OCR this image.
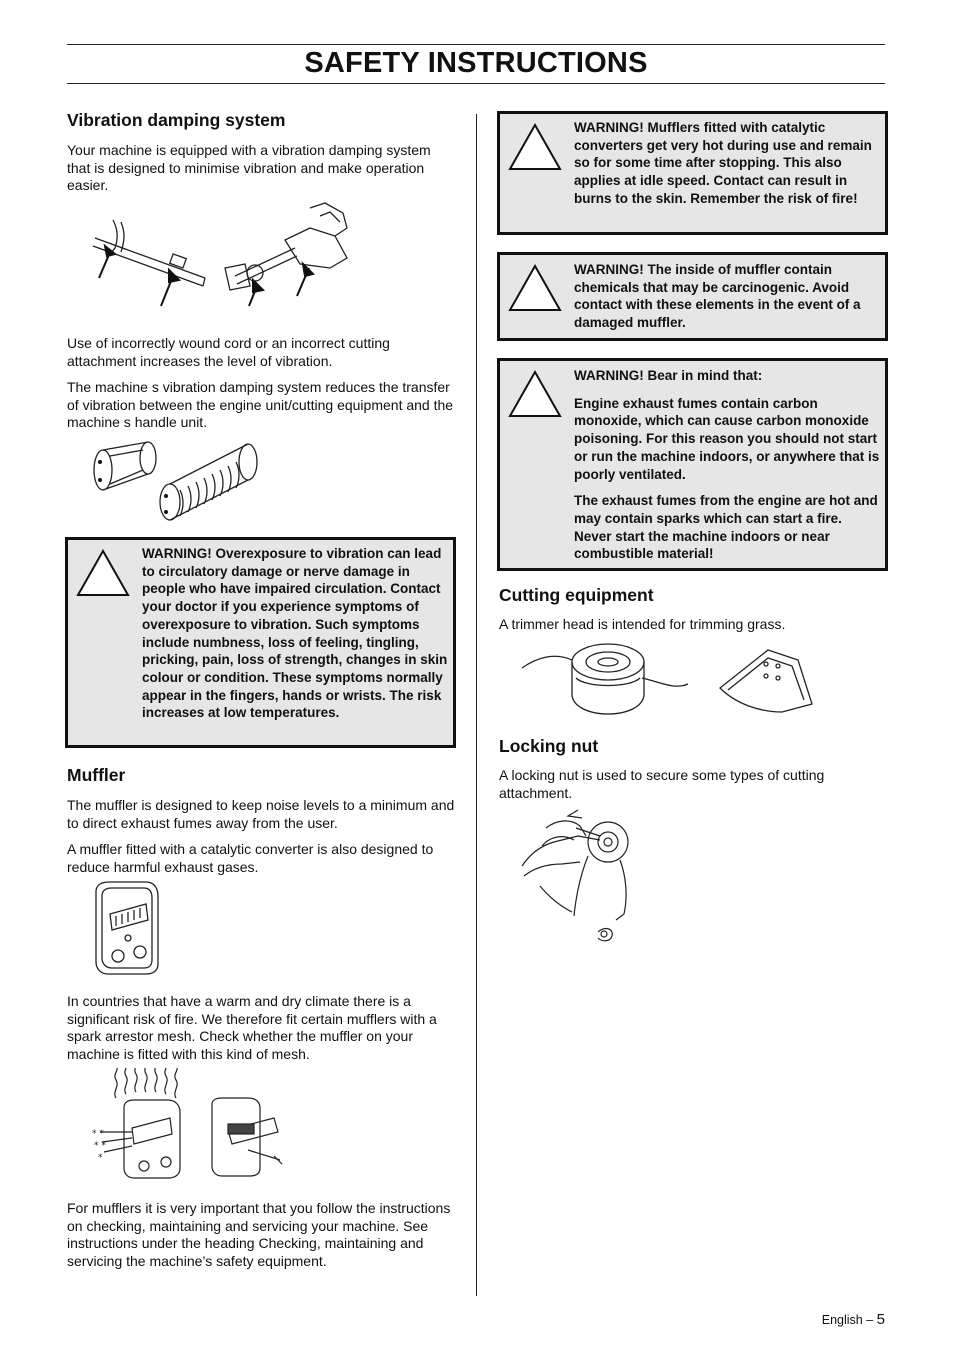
SAFETY INSTRUCTIONS
Vibration damping system

Your machine is equipped with a vibration damping system that is designed to minimise vibration and make operation easier.

Use of incorrectly wound cord or an incorrect cutting attachment increases the level of vibration.

The machine s vibration damping system reduces the transfer of vibration between the engine unit/cutting equipment and the machine s handle unit.

WARNING! Overexposure to vibration can lead to circulatory damage or nerve damage in people who have impaired circulation. Contact your doctor if you experience symptoms of overexposure to vibration. Such symptoms include numbness, loss of feeling, tingling, pricking, pain, loss of strength, changes in skin colour or condition. These symptoms normally appear in the fingers, hands or wrists. The risk increases at low temperatures.
Muffler

The muffler is designed to keep noise levels to a minimum and to direct exhaust fumes away from the user.

A muffler fitted with a catalytic converter is also designed to reduce harmful exhaust gases.

In countries that have a warm and dry climate there is a significant risk of fire. We therefore fit certain mufflers with a spark arrestor mesh. Check whether the muffler on your machine is fitted with this kind of mesh.

* *
* *
*

For mufflers it is very important that you follow the instructions on checking, maintaining and servicing your machine. See instructions under the heading Checking, maintaining and servicing the machine’s safety equipment.

WARNING! Mufflers fitted with catalytic converters get very hot during use and remain so for some time after stopping. This also applies at idle speed. Contact can result in burns to the skin. Remember the risk of fire!
WARNING! The inside of muffler contain chemicals that may be carcinogenic. Avoid contact with these elements in the event of a damaged muffler.

WARNING! Bear in mind that:

Engine exhaust fumes contain carbon monoxide, which can cause carbon monoxide poisoning. For this reason you should not start or run the machine indoors, or anywhere that is poorly ventilated.

The exhaust fumes from the engine are hot and may contain sparks which can start a fire. Never start the machine indoors or near combustible material!

Cutting equipment

A trimmer head is intended for trimming grass.

Locking nut

A locking nut is used to secure some types of cutting attachment.

English – 5
